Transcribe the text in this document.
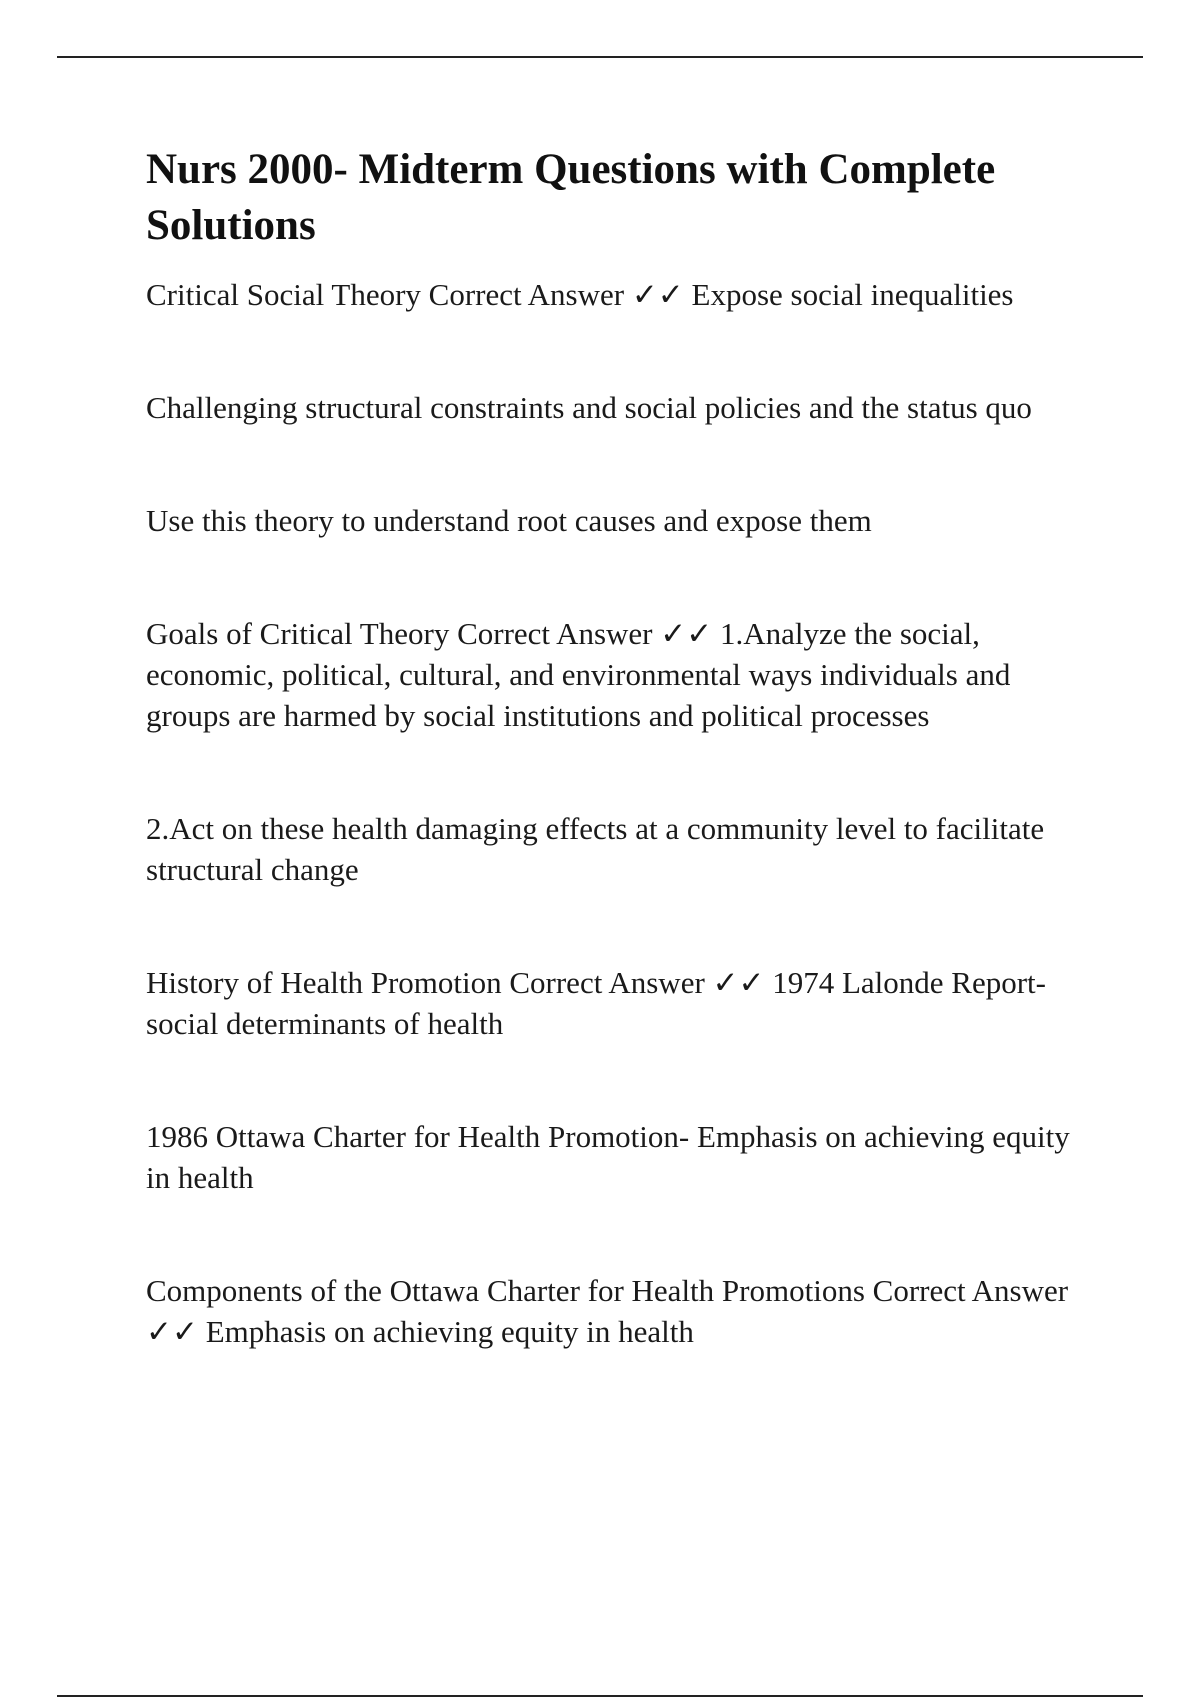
Nurs 2000- Midterm Questions with Complete Solutions

Critical Social Theory Correct Answer ✓✓ Expose social inequalities

Challenging structural constraints and social policies and the status quo

Use this theory to understand root causes and expose them

Goals of Critical Theory Correct Answer ✓✓ 1.Analyze the social, economic, political, cultural, and environmental ways individuals and groups are harmed by social institutions and political processes

2.Act on these health damaging effects at a community level to facilitate structural change

History of Health Promotion Correct Answer ✓✓ 1974 Lalonde Report- social determinants of health

1986 Ottawa Charter for Health Promotion- Emphasis on achieving equity in health

Components of the Ottawa Charter for Health Promotions Correct Answer ✓✓ Emphasis on achieving equity in health
